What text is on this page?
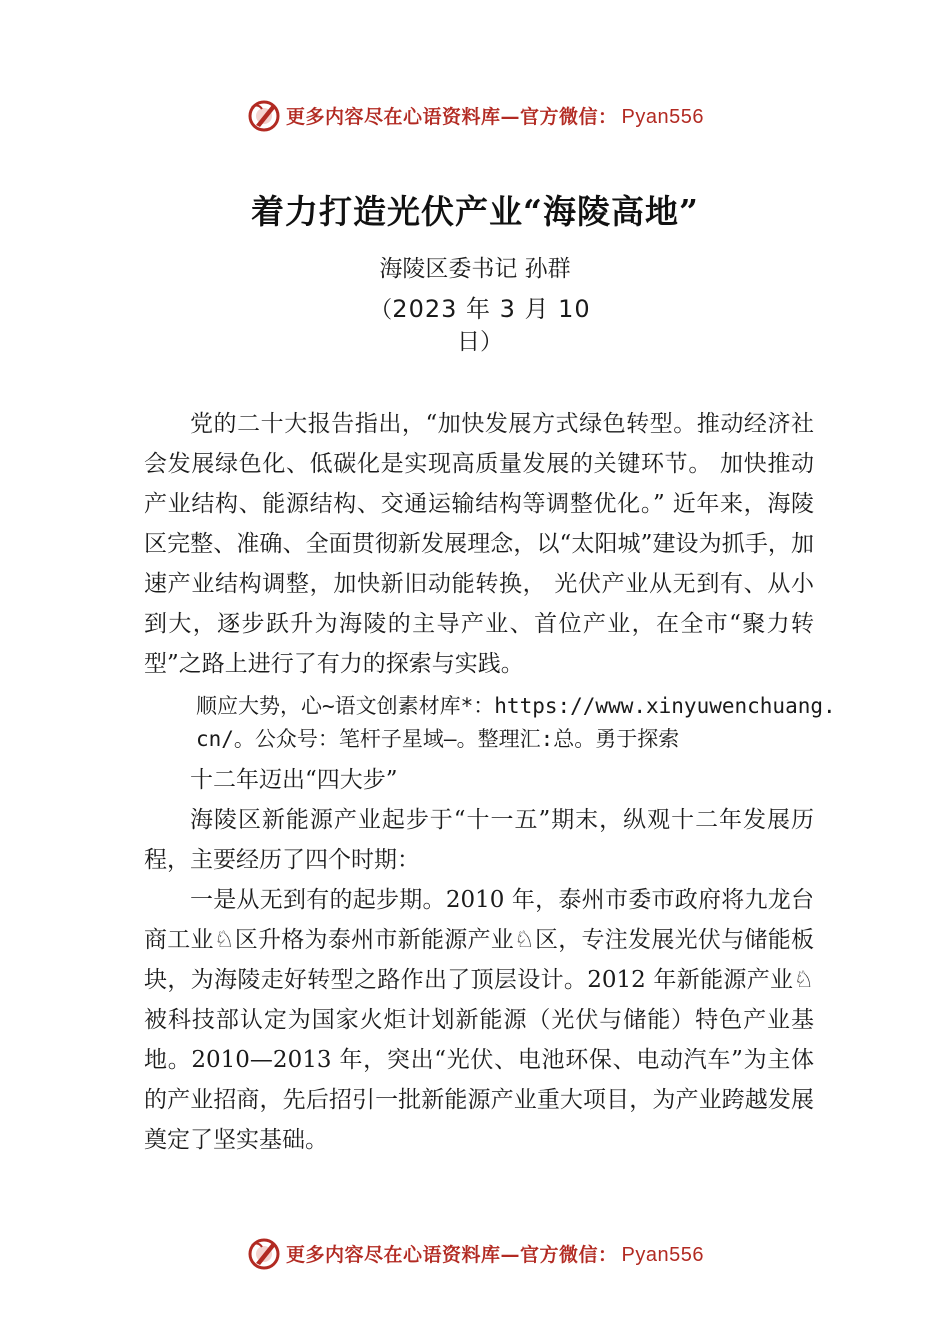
更多内容尽在心语资料库—官方微信： Pyan556
着力打造光伏产业“海陵高地”
海陵区委书记 孙群
（2023 年 3 月 10
日）

党的二十大报告指出，“加快发展方式绿色转型。推动经济社会发展绿色化、低碳化是实现高质量发展的关键环节。 加快推动产业结构、能源结构、交通运输结构等调整优化。” 近年来，海陵区完整、准确、全面贯彻新发展理念，以“太阳城”建设为抓手，加速产业结构调整，加快新旧动能转换， 光伏产业从无到有、从小到大，逐步跃升为海陵的主导产业、首位产业，在全市“聚力转型”之路上进行了有力的探索与实践。

顺应大势，心~语文创素材库*：https://www.xinyuwenchuang.cn/。公众号：笔杆子星域—。整理汇:总。勇于探索

十二年迈出“四大步”

海陵区新能源产业起步于“十一五”期末，纵观十二年发展历程，主要经历了四个时期：

一是从无到有的起步期。2010 年，泰州市委市政府将九龙台商工业♘区升格为泰州市新能源产业♘区，专注发展光伏与储能板块，为海陵走好转型之路作出了顶层设计。2012 年新能源产业♘被科技部认定为国家火炬计划新能源（光伏与储能）特色产业基地。2010—2013 年，突出“光伏、电池环保、电动汽车”为主体的产业招商，先后招引一批新能源产业重大项目，为产业跨越发展奠定了坚实基础。

更多内容尽在心语资料库—官方微信： Pyan556
